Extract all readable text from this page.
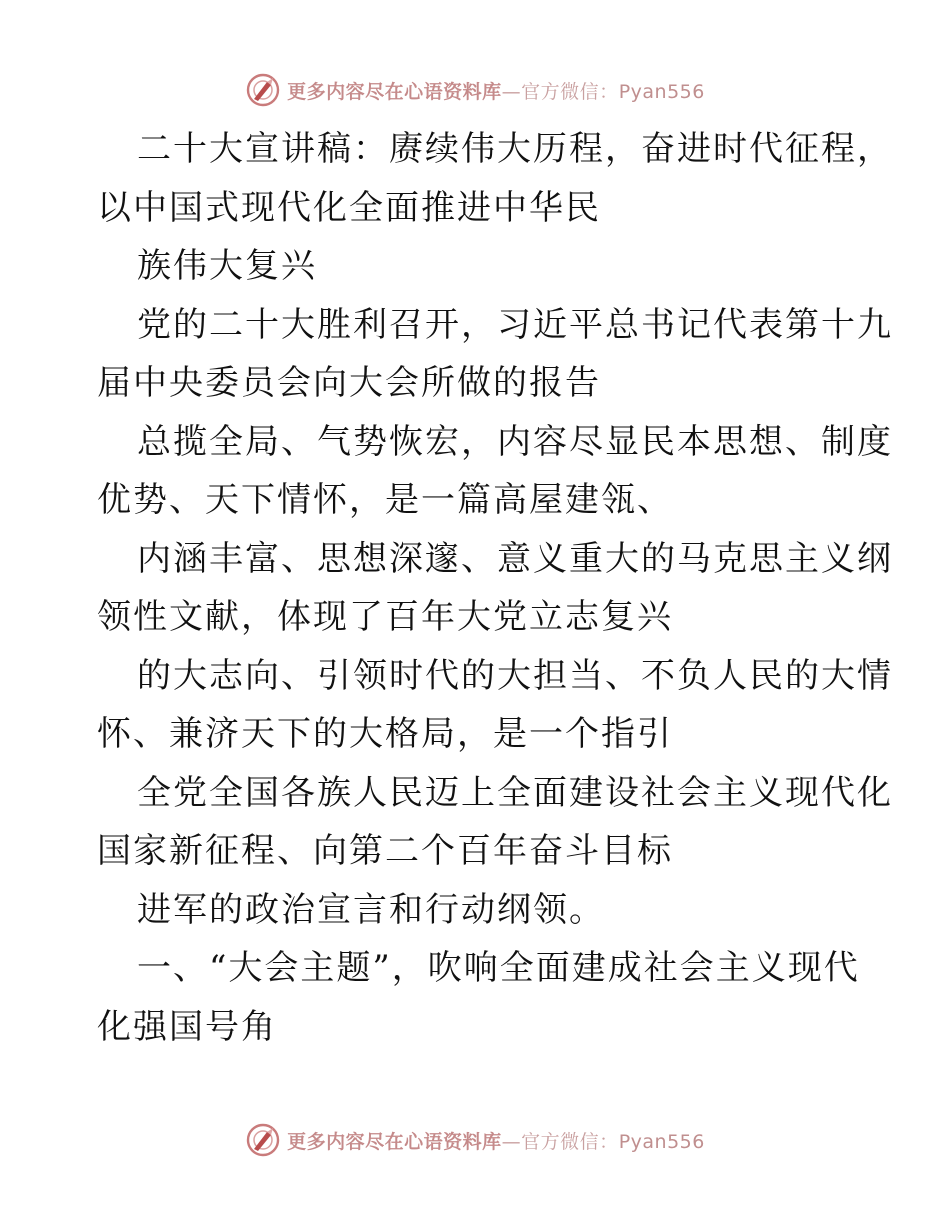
更多内容尽在心语资料库—官方微信：Pyan556
二十大宣讲稿：赓续伟大历程，奋进时代征程，
以中国式现代化全面推进中华民
族伟大复兴
党的二十大胜利召开，习近平总书记代表第十九
届中央委员会向大会所做的报告
总揽全局、气势恢宏，内容尽显民本思想、制度
优势、天下情怀，是一篇高屋建瓴、
内涵丰富、思想深邃、意义重大的马克思主义纲
领性文献，体现了百年大党立志复兴
的大志向、引领时代的大担当、不负人民的大情
怀、兼济天下的大格局，是一个指引
全党全国各族人民迈上全面建设社会主义现代化
国家新征程、向第二个百年奋斗目标
进军的政治宣言和行动纲领。
一、“大会主题”，吹响全面建成社会主义现代
化强国号角
更多内容尽在心语资料库—官方微信：Pyan556
